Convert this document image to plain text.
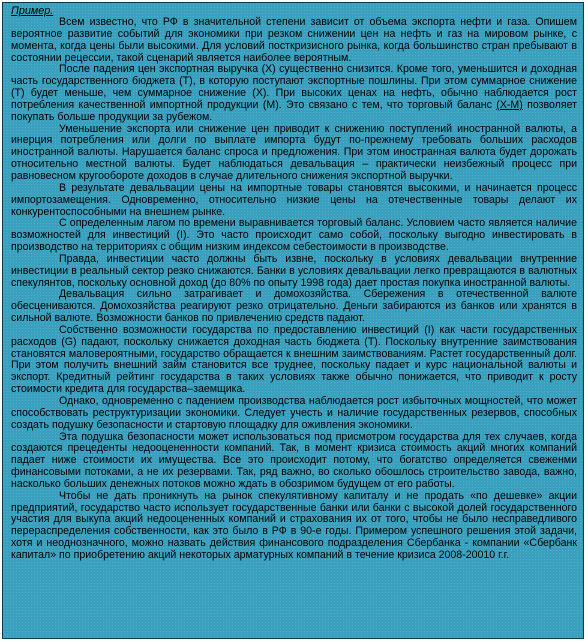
Пример.

Всем известно, что РФ в значительной степени зависит от объема экспорта нефти и газа. Опишем вероятное развитие событий для экономики при резком снижении цен на нефть и газ на мировом рынке, с момента, когда цены были высокими. Для условий посткризисного рынка, когда большинство стран пребывают в состоянии рецессии, такой сценарий является наиболее вероятным.

После падения цен экспортная выручка (X) существенно снизится. Кроме того, уменьшится и доходная часть государственного бюджета (T), в которую поступают экспортные пошлины. При этом суммарное снижение (T) будет меньше, чем суммарное снижение (X). При высоких ценах на нефть, обычно наблюдается рост потребления качественной импортной продукции (M). Это связано с тем, что торговый баланс (X-M) позволяет покупать больше продукции за рубежом.

Уменьшение экспорта или снижение цен приводит к снижению поступлений иностранной валюты, а инерция потребления или долги по выплате импорта будут по-прежнему требовать больших расходов иностранной валюты. Нарушается баланс спроса и предложения. При этом иностранная валюта будет дорожать относительно местной валюты. Будет наблюдаться девальвация – практически неизбежный процесс при равновесном кругообороте доходов в случае длительного снижения экспортной выручки.

В результате девальвации цены на импортные товары становятся высокими, и начинается процесс импортозамещения. Одновременно, относительно низкие цены на отечественные товары делают их конкурентоспособными на внешнем рынке.

С определенным лагом по времени выравнивается торговый баланс. Условием часто является наличие возможностей для инвестиций (I). Это часто происходит само собой, поскольку выгодно инвестировать в производство на территориях с общим низким индексом себестоимости в производстве.

Правда, инвестиции часто должны быть извне, поскольку в условиях девальвации внутренние инвестиции в реальный сектор резко снижаются. Банки в условиях девальвации легко превращаются в валютных спекулянтов, поскольку основной доход (до 80% по опыту 1998 года) дает простая покупка иностранной валюты.

Девальвация сильно затрагивает и домохозяйства. Сбережения в отечественной валюте обесцениваются. Домохозяйства реагируют резко отрицательно. Деньги забираются из банков или хранятся в сильной валюте. Возможности банков по привлечению средств падают.

Собственно возможности государства по предоставлению инвестиций (I) как части государственных расходов (G) падают, поскольку снижается доходная часть бюджета (T). Поскольку внутренние заимствования становятся маловероятными, государство обращается к внешним заимствованиям. Растет государственный долг. При этом получить внешний займ становится все труднее, поскольку падает и курс национальной валюты и экспорт. Кредитный рейтинг государства в таких условиях также обычно понижается, что приводит к росту стоимости кредита для государства–заемщика.

Однако, одновременно с падением производства наблюдается рост избыточных мощностей, что может способствовать реструктуризации экономики. Следует учесть и наличие государственных резервов, способных создать подушку безопасности и стартовую площадку для оживления экономики.

Эта подушка безопасности может использоваться под присмотром государства для тех случаев, когда создаются прецеденты недооцененности компаний. Так, в момент кризиса стоимость акций многих компаний падает ниже стоимости их имущества. Все это происходит потому, что богатство определяется свеженми финансовыми потоками, а не их резервами. Так, ряд важно, во сколько обошлось строительство завода, важно, насколько больших денежных потоков можно ждать в обозримом будущем от его работы.

Чтобы не дать проникнуть на рынок спекулятивному капиталу и не продать «по дешевке» акции предприятий, государство часто использует государственные банки или банки с высокой долей государственного участия для выкупа акций недооцененных компаний и страхования их от того, чтобы не было несправедливого перераспределения собственности, как это было в РФ в 90-е годы. Примером успешного решения этой задачи, хотя и неоднозначного, можно назвать действия финансового подразделения Сбербанка - компании «Сбербанк капитал» по приобретению акций некоторых арматурных компаний в течение кризиса 2008-20010 г.г.
